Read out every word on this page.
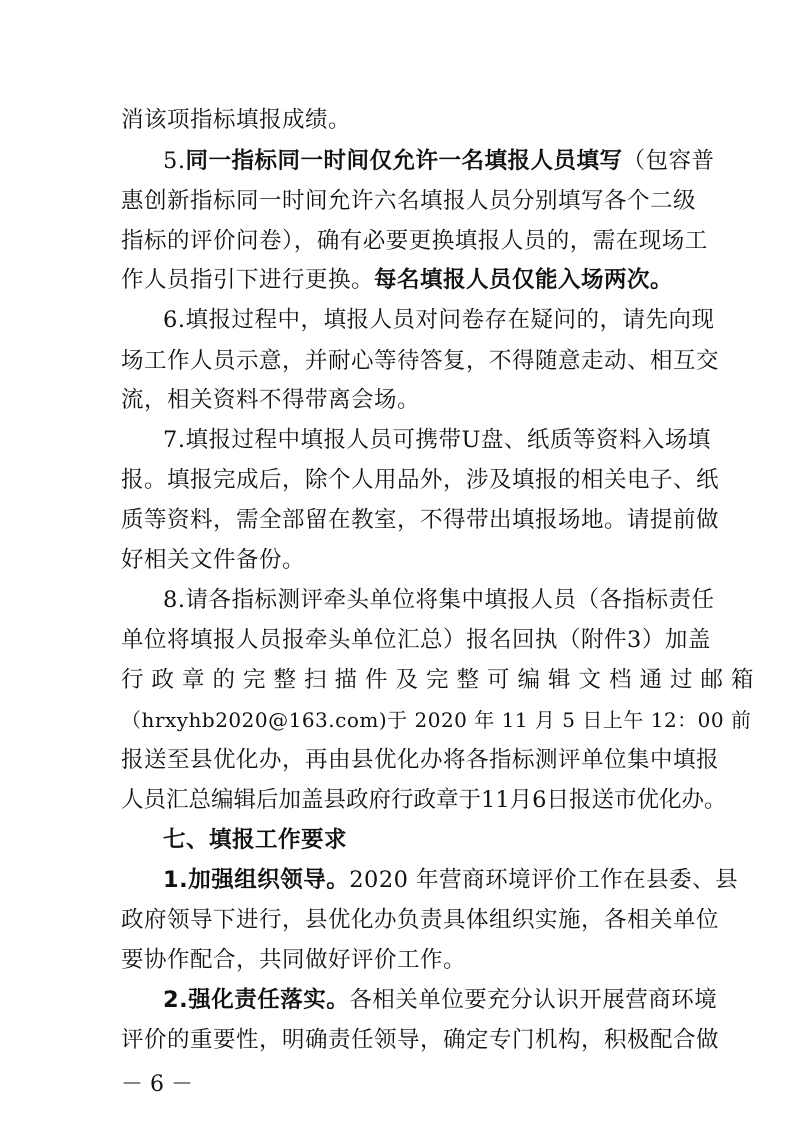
消该项指标填报成绩。
5.同一指标同一时间仅允许一名填报人员填写（包容普
惠创新指标同一时间允许六名填报人员分别填写各个二级
指标的评价问卷），确有必要更换填报人员的，需在现场工
作人员指引下进行更换。每名填报人员仅能入场两次。
6.填报过程中，填报人员对问卷存在疑问的，请先向现
场工作人员示意，并耐心等待答复，不得随意走动、相互交
流，相关资料不得带离会场。
7.填报过程中填报人员可携带U盘、纸质等资料入场填
报。填报完成后，除个人用品外，涉及填报的相关电子、纸
质等资料，需全部留在教室，不得带出填报场地。请提前做
好相关文件备份。
8.请各指标测评牵头单位将集中填报人员（各指标责任
单位将填报人员报牵头单位汇总）报名回执（附件3）加盖
行政章的完整扫描件及完整可编辑文档通过邮箱
（hrxyhb2020@163.com)于 2020 年 11 月 5 日上午 12：00 前
报送至县优化办，再由县优化办将各指标测评单位集中填报
人员汇总编辑后加盖县政府行政章于11月6日报送市优化办。
七、填报工作要求
1.加强组织领导。2020 年营商环境评价工作在县委、县
政府领导下进行，县优化办负责具体组织实施，各相关单位
要协作配合，共同做好评价工作。
2.强化责任落实。各相关单位要充分认识开展营商环境
评价的重要性，明确责任领导，确定专门机构，积极配合做
－ 6 －
